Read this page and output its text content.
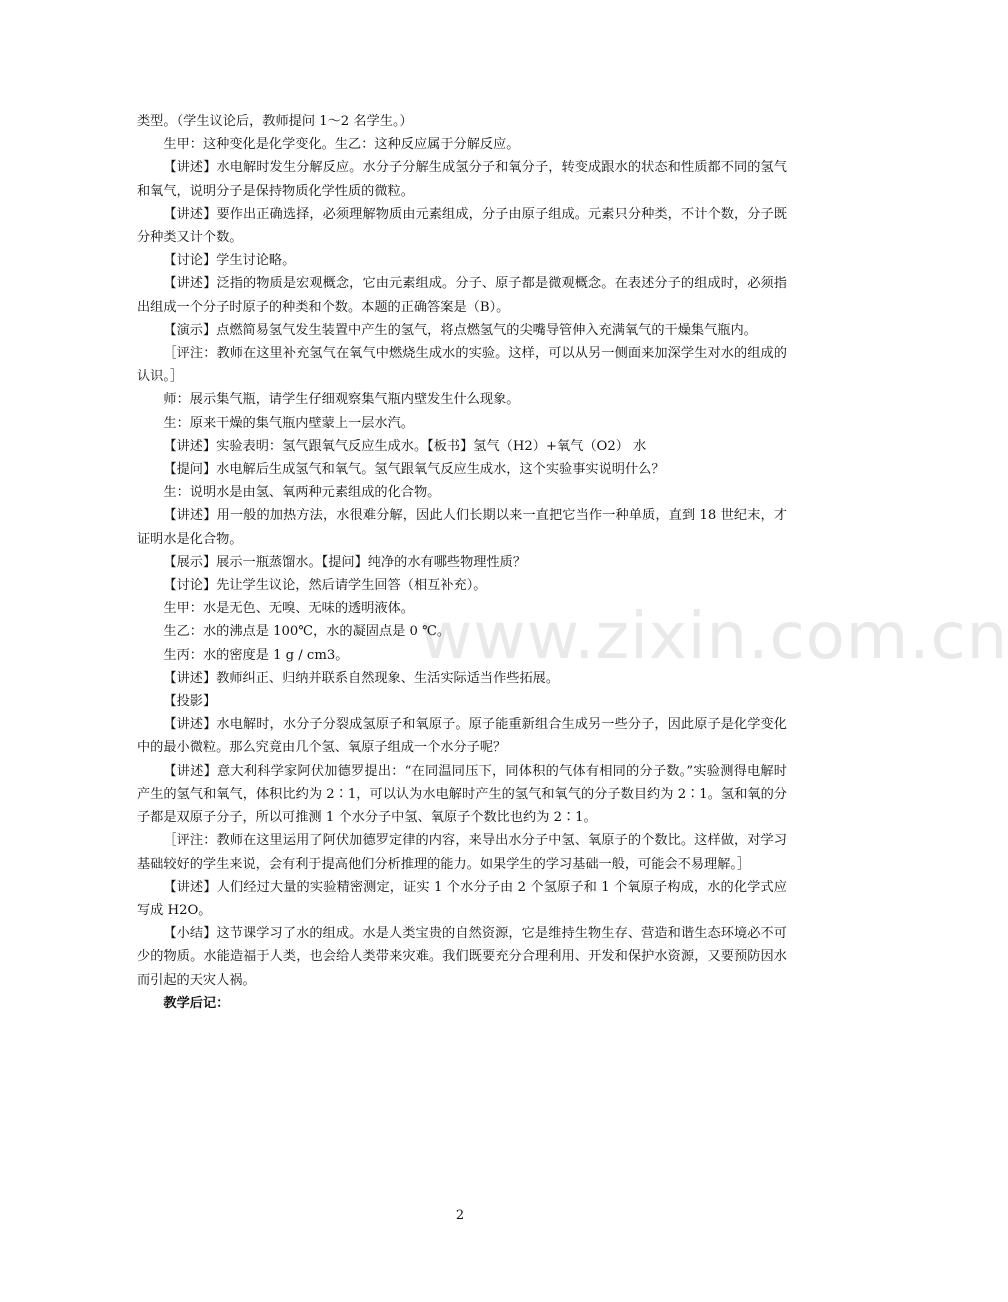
www.zixin.com.cn

类型。（学生议论后，教师提问 1～2 名学生。）

生甲：这种变化是化学变化。生乙：这种反应属于分解反应。

【讲述】水电解时发生分解反应。水分子分解生成氢分子和氧分子，转变成跟水的状态和性质都不同的氢气和氧气，说明分子是保持物质化学性质的微粒。

【讲述】要作出正确选择，必须理解物质由元素组成，分子由原子组成。元素只分种类，不计个数，分子既分种类又计个数。

【讨论】学生讨论略。

【讲述】泛指的物质是宏观概念，它由元素组成。分子、原子都是微观概念。在表述分子的组成时，必须指出组成一个分子时原子的种类和个数。本题的正确答案是（B）。

【演示】点燃简易氢气发生装置中产生的氢气，将点燃氢气的尖嘴导管伸入充满氧气的干燥集气瓶内。

［评注：教师在这里补充氢气在氧气中燃烧生成水的实验。这样，可以从另一侧面来加深学生对水的组成的认识。］

师：展示集气瓶，请学生仔细观察集气瓶内壁发生什么现象。

生：原来干燥的集气瓶内壁蒙上一层水汽。

【讲述】实验表明：氢气跟氧气反应生成水。【板书】氢气（H2）+氧气（O2） 水

【提问】水电解后生成氢气和氧气。氢气跟氧气反应生成水，这个实验事实说明什么？

生：说明水是由氢、氧两种元素组成的化合物。

【讲述】用一般的加热方法，水很难分解，因此人们长期以来一直把它当作一种单质，直到 18 世纪末，才证明水是化合物。

【展示】展示一瓶蒸馏水。【提问】纯净的水有哪些物理性质？

【讨论】先让学生议论，然后请学生回答（相互补充）。

生甲：水是无色、无嗅、无味的透明液体。

生乙：水的沸点是 100℃，水的凝固点是 0 ℃。

生丙：水的密度是 1 g / cm3。

【讲述】教师纠正、归纳并联系自然现象、生活实际适当作些拓展。

【投影】

【讲述】水电解时，水分子分裂成氢原子和氧原子。原子能重新组合生成另一些分子，因此原子是化学变化中的最小微粒。那么究竟由几个氢、氧原子组成一个水分子呢？

【讲述】意大利科学家阿伏加德罗提出：“在同温同压下，同体积的气体有相同的分子数。”实验测得电解时产生的氢气和氧气，体积比约为 2∶1，可以认为水电解时产生的氢气和氧气的分子数目约为 2∶1。氢和氧的分子都是双原子分子，所以可推测 1 个水分子中氢、氧原子个数比也约为 2∶1。

［评注：教师在这里运用了阿伏加德罗定律的内容，来导出水分子中氢、氧原子的个数比。这样做，对学习基础较好的学生来说，会有利于提高他们分析推理的能力。如果学生的学习基础一般，可能会不易理解。］

【讲述】人们经过大量的实验精密测定，证实 1 个水分子由 2 个氢原子和 1 个氧原子构成，水的化学式应写成 H2O。

【小结】这节课学习了水的组成。水是人类宝贵的自然资源，它是维持生物生存、营造和谐生态环境必不可少的物质。水能造福于人类，也会给人类带来灾难。我们既要充分合理利用、开发和保护水资源，又要预防因水而引起的天灾人祸。

教学后记：

2
